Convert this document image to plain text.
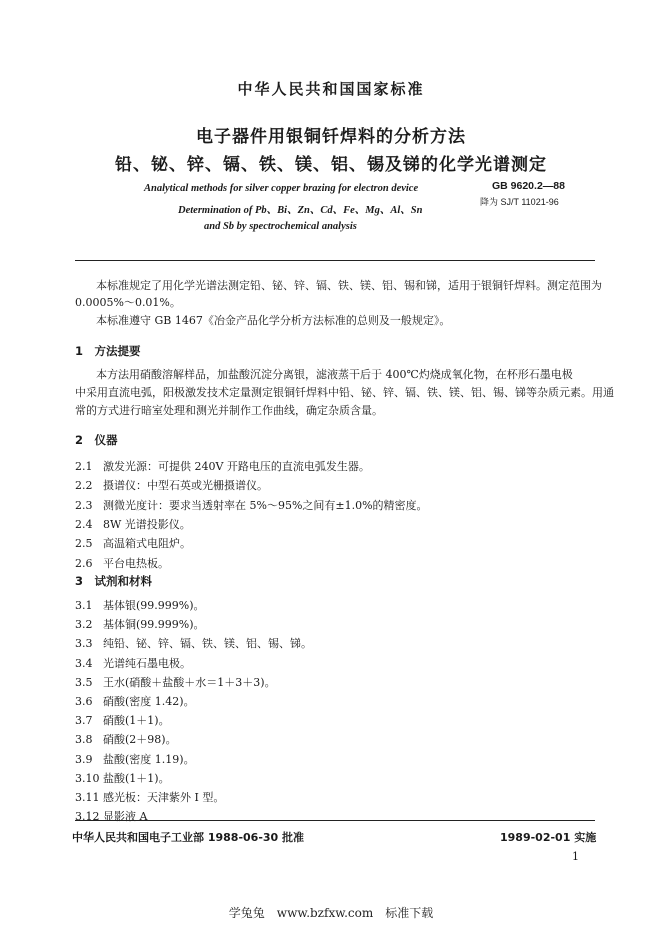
中华人民共和国国家标准
电子器件用银铜钎焊料的分析方法
铅、铋、锌、镉、铁、镁、铝、锡及锑的化学光谱测定
Analytical methods for silver copper brazing for electron device
Determination of Pb、Bi、Zn、Cd、Fe、Mg、Al、Sn
and Sb by spectrochemical analysis
GB 9620.2—88
降为 SJ/T 11021-96
本标准规定了用化学光谱法测定铅、铋、锌、镉、铁、镁、铝、锡和锑，适用于银铜钎焊料。测定范围为
0.0005%～0.01%。
本标准遵守 GB 1467《冶金产品化学分析方法标准的总则及一般规定》。
1　方法提要
本方法用硝酸溶解样品，加盐酸沉淀分离银，滤液蒸干后于 400℃灼烧成氧化物，在杯形石墨电极
中采用直流电弧，阳极激发技术定量测定银铜钎焊料中铅、铋、锌、镉、铁、镁、铝、锡、锑等杂质元素。用通
常的方式进行暗室处理和测光并制作工作曲线，确定杂质含量。
2　仪器
2.1 激发光源：可提供 240V 开路电压的直流电弧发生器。
2.2 摄谱仪：中型石英或光栅摄谱仪。
2.3 测微光度计：要求当透射率在 5%～95%之间有±1.0%的精密度。
2.4 8W 光谱投影仪。
2.5 高温箱式电阻炉。
2.6 平台电热板。
3　试剂和材料
3.1 基体银(99.999%)。
3.2 基体铜(99.999%)。
3.3 纯铅、铋、锌、镉、铁、镁、铝、锡、锑。
3.4 光谱纯石墨电极。
3.5 王水(硝酸＋盐酸＋水＝1＋3＋3)。
3.6 硝酸(密度 1.42)。
3.7 硝酸(1＋1)。
3.8 硝酸(2＋98)。
3.9 盐酸(密度 1.19)。
3.10 盐酸(1＋1)。
3.11 感光板：天津紫外 I 型。
3.12 显影液 A
中华人民共和国电子工业部 1988-06-30 批准	1989-02-01 实施
1
学兔兔　www.bzfxw.com　标准下载
